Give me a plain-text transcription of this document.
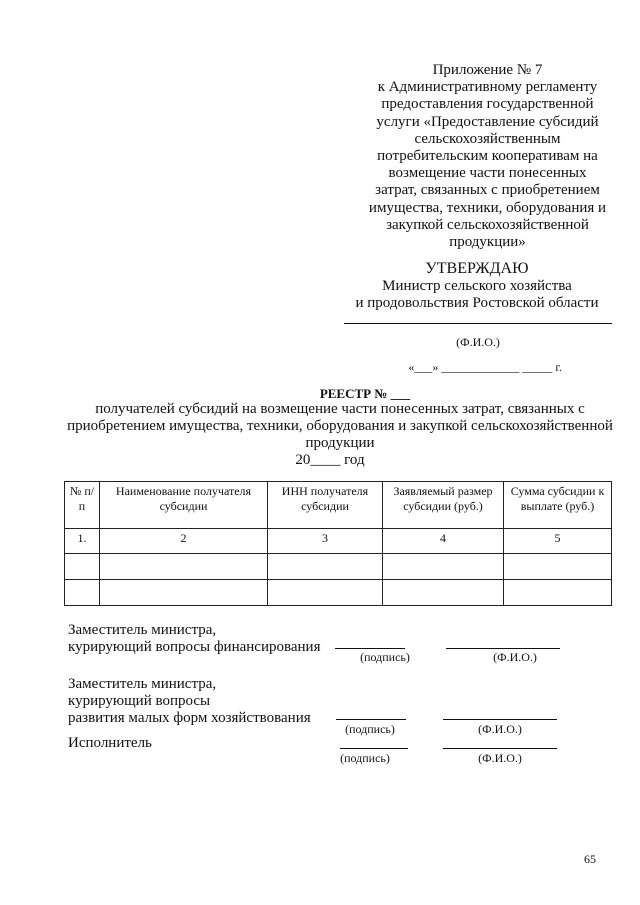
Приложение № 7
к Административному регламенту
предоставления государственной
услуги «Предоставление субсидий
сельскохозяйственным
потребительским кооперативам на
возмещение части понесенных
затрат, связанных с приобретением
имущества, техники, оборудования и
закупкой сельскохозяйственной
продукции»
УТВЕРЖДАЮ
Министр сельского хозяйства
и продовольствия Ростовской области
(Ф.И.О.)
«___» _____________ _____ г.
РЕЕСТР № ___
получателей субсидий на возмещение части понесенных затрат, связанных с приобретением имущества, техники, оборудования и закупкой сельскохозяйственной продукции
20____ год
№ п/п	Наименование получателя субсидии	ИНН получателя субсидии	Заявляемый размер субсидии (руб.)	Сумма субсидии к выплате (руб.)
1.	2	3	4	5

Заместитель министра,
курирующий вопросы финансирования
(подпись)	(Ф.И.О.)
Заместитель министра,
курирующий вопросы
развития малых форм хозяйствования
(подпись)	(Ф.И.О.)
Исполнитель
(подпись)	(Ф.И.О.)
65
